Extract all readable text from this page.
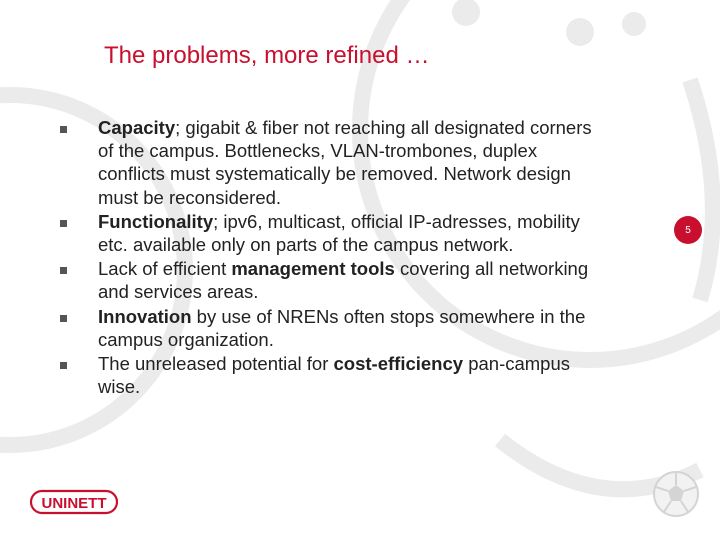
The problems, more refined …
Capacity; gigabit & fiber not reaching all designated corners of the campus. Bottlenecks, VLAN-trombones, duplex conflicts must systematically be removed. Network design must be reconsidered.
Functionality; ipv6, multicast, official IP-adresses, mobility etc. available only on parts of the campus network.
Lack of efficient management tools covering all networking and services areas.
Innovation by use of NRENs often stops somewhere in the campus organization.
The unreleased potential for cost-efficiency pan-campus wise.
5
UNINETT
